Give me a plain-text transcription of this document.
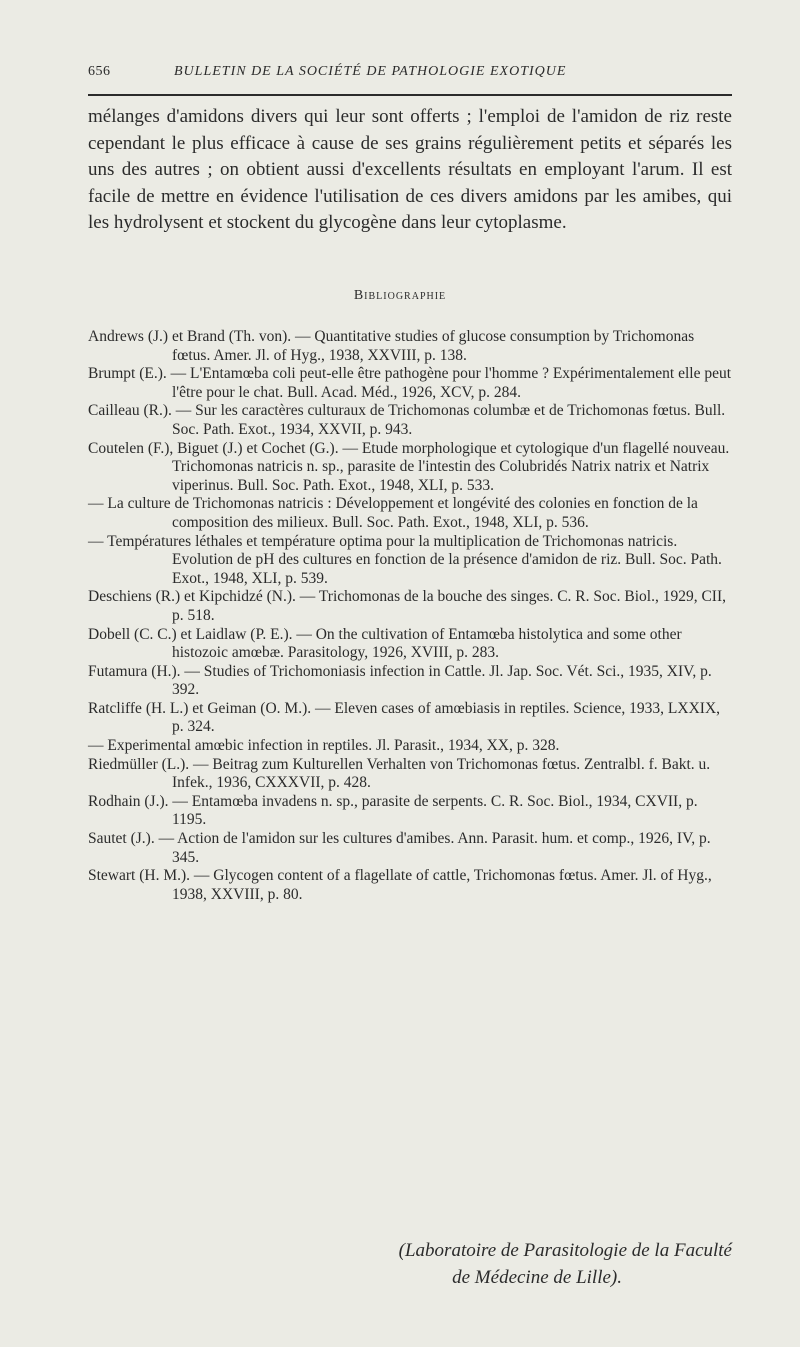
656	BULLETIN DE LA SOCIÉTÉ DE PATHOLOGIE EXOTIQUE

mélanges d'amidons divers qui leur sont offerts ; l'emploi de l'amidon de riz reste cependant le plus efficace à cause de ses grains régulièrement petits et séparés les uns des autres ; on obtient aussi d'excellents résultats en employant l'arum. Il est facile de mettre en évidence l'utilisation de ces divers amidons par les amibes, qui les hydrolysent et stockent du glycogène dans leur cytoplasme.

Bibliographie

Andrews (J.) et Brand (Th. von). — Quantitative studies of glucose consumption by Trichomonas fœtus. Amer. Jl. of Hyg., 1938, XXVIII, p. 138.

Brumpt (E.). — L'Entamœba coli peut-elle être pathogène pour l'homme ? Expérimentalement elle peut l'être pour le chat. Bull. Acad. Méd., 1926, XCV, p. 284.

Cailleau (R.). — Sur les caractères culturaux de Trichomonas columbæ et de Trichomonas fœtus. Bull. Soc. Path. Exot., 1934, XXVII, p. 943.

Coutelen (F.), Biguet (J.) et Cochet (G.). — Etude morphologique et cytologique d'un flagellé nouveau. Trichomonas natricis n. sp., parasite de l'intestin des Colubridés Natrix natrix et Natrix viperinus. Bull. Soc. Path. Exot., 1948, XLI, p. 533.

— La culture de Trichomonas natricis : Développement et longévité des colonies en fonction de la composition des milieux. Bull. Soc. Path. Exot., 1948, XLI, p. 536.

— Températures léthales et température optima pour la multiplication de Trichomonas natricis. Evolution de pH des cultures en fonction de la présence d'amidon de riz. Bull. Soc. Path. Exot., 1948, XLI, p. 539.

Deschiens (R.) et Kipchidzé (N.). — Trichomonas de la bouche des singes. C. R. Soc. Biol., 1929, CII, p. 518.

Dobell (C. C.) et Laidlaw (P. E.). — On the cultivation of Entamœba histolytica and some other histozoic amœbæ. Parasitology, 1926, XVIII, p. 283.

Futamura (H.). — Studies of Trichomoniasis infection in Cattle. Jl. Jap. Soc. Vét. Sci., 1935, XIV, p. 392.

Ratcliffe (H. L.) et Geiman (O. M.). — Eleven cases of amœbiasis in reptiles. Science, 1933, LXXIX, p. 324.

— Experimental amœbic infection in reptiles. Jl. Parasit., 1934, XX, p. 328.

Riedmüller (L.). — Beitrag zum Kulturellen Verhalten von Trichomonas fœtus. Zentralbl. f. Bakt. u. Infek., 1936, CXXXVII, p. 428.

Rodhain (J.). — Entamœba invadens n. sp., parasite de serpents. C. R. Soc. Biol., 1934, CXVII, p. 1195.

Sautet (J.). — Action de l'amidon sur les cultures d'amibes. Ann. Parasit. hum. et comp., 1926, IV, p. 345.

Stewart (H. M.). — Glycogen content of a flagellate of cattle, Trichomonas fœtus. Amer. Jl. of Hyg., 1938, XXVIII, p. 80.

(Laboratoire de Parasitologie de la Faculté
de Médecine de Lille).
